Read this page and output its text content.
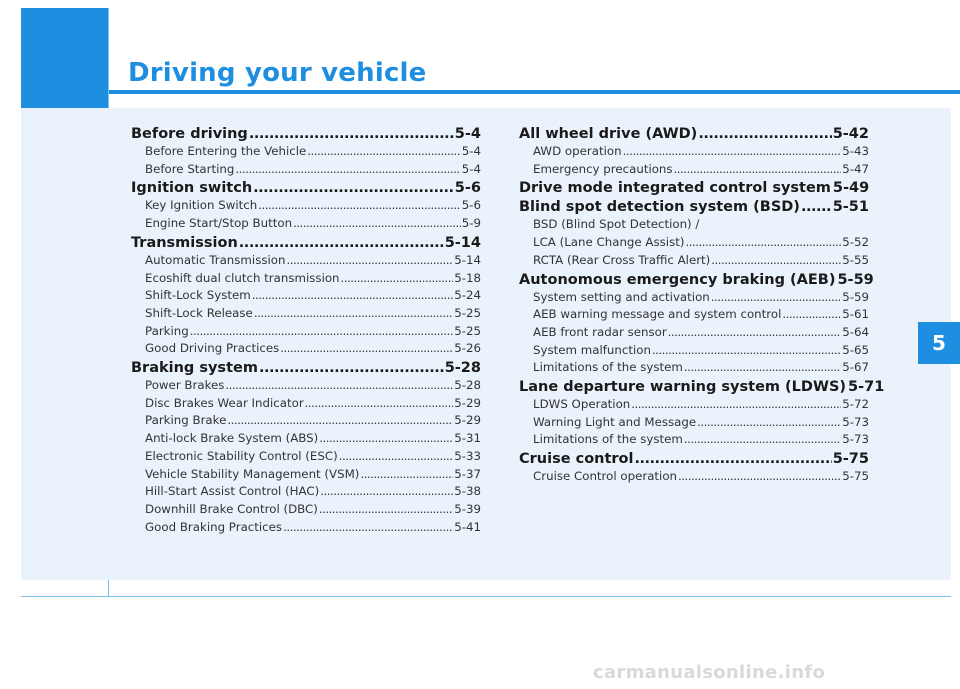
Driving your vehicle
5
Before driving .....	5-4
Before Entering the Vehicle .....	5-4
Before Starting .....	5-4
Ignition switch .....	5-6
Key Ignition Switch .....	5-6
Engine Start/Stop Button .....	5-9
Transmission .....	5-14
Automatic Transmission .....	5-14
Ecoshift dual clutch transmission .....	5-18
Shift-Lock System .....	5-24
Shift-Lock Release .....	5-25
Parking .....	5-25
Good Driving Practices .....	5-26
Braking system .....	5-28
Power Brakes .....	5-28
Disc Brakes Wear Indicator .....	5-29
Parking Brake .....	5-29
Anti-lock Brake System (ABS) .....	5-31
Electronic Stability Control (ESC) .....	5-33
Vehicle Stability Management (VSM) .....	5-37
Hill-Start Assist Control (HAC) .....	5-38
Downhill Brake Control (DBC) .....	5-39
Good Braking Practices .....	5-41
All wheel drive (AWD) .....	5-42
AWD operation .....	5-43
Emergency precautions .....	5-47
Drive mode integrated control system 5-49
Blind spot detection system (BSD) ..... 5-51
BSD (Blind Spot Detection) /
LCA (Lane Change Assist) .....	5-52
RCTA (Rear Cross Traffic Alert) .....	5-55
Autonomous emergency braking (AEB) 5-59
System setting and activation .....	5-59
AEB warning message and system control .....	5-61
AEB front radar sensor .....	5-64
System malfunction .....	5-65
Limitations of the system .....	5-67
Lane departure warning system (LDWS) 5-71
LDWS Operation .....	5-72
Warning Light and Message .....	5-73
Limitations of the system .....	5-73
Cruise control .....	5-75
Cruise Control operation .....	5-75
carmanualsonline.info
